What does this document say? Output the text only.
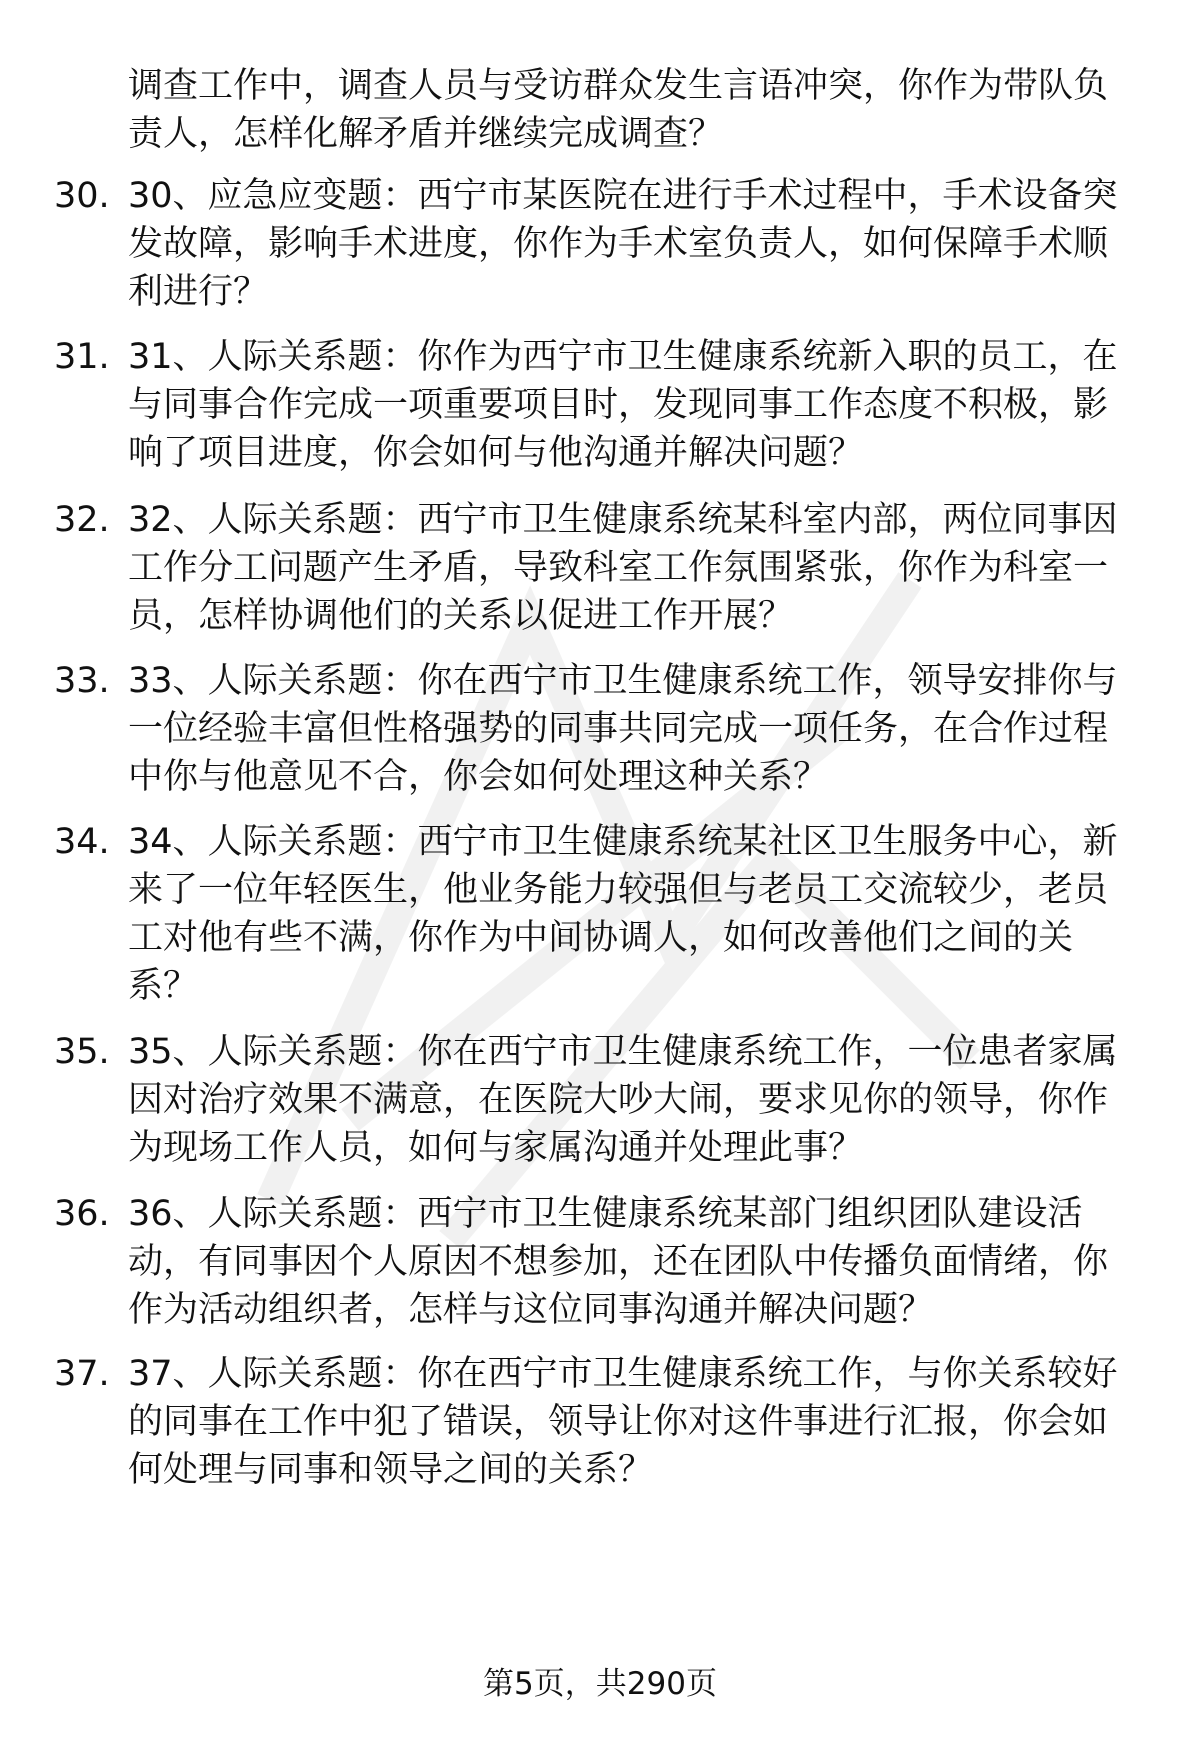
调查工作中，调查人员与受访群众发生言语冲突，你作为带队负
责人，怎样化解矛盾并继续完成调查？
30. 30、应急应变题：西宁市某医院在进行手术过程中，手术设备突
发故障，影响手术进度，你作为手术室负责人，如何保障手术顺
利进行？
31. 31、人际关系题：你作为西宁市卫生健康系统新入职的员工，在
与同事合作完成一项重要项目时，发现同事工作态度不积极，影
响了项目进度，你会如何与他沟通并解决问题？
32. 32、人际关系题：西宁市卫生健康系统某科室内部，两位同事因
工作分工问题产生矛盾，导致科室工作氛围紧张，你作为科室一
员，怎样协调他们的关系以促进工作开展？
33. 33、人际关系题：你在西宁市卫生健康系统工作，领导安排你与
一位经验丰富但性格强势的同事共同完成一项任务，在合作过程
中你与他意见不合，你会如何处理这种关系？
34. 34、人际关系题：西宁市卫生健康系统某社区卫生服务中心，新
来了一位年轻医生，他业务能力较强但与老员工交流较少，老员
工对他有些不满，你作为中间协调人，如何改善他们之间的关
系？
35. 35、人际关系题：你在西宁市卫生健康系统工作，一位患者家属
因对治疗效果不满意，在医院大吵大闹，要求见你的领导，你作
为现场工作人员，如何与家属沟通并处理此事？
36. 36、人际关系题：西宁市卫生健康系统某部门组织团队建设活
动，有同事因个人原因不想参加，还在团队中传播负面情绪，你
作为活动组织者，怎样与这位同事沟通并解决问题？
37. 37、人际关系题：你在西宁市卫生健康系统工作，与你关系较好
的同事在工作中犯了错误，领导让你对这件事进行汇报，你会如
何处理与同事和领导之间的关系？
第5页，共290页
